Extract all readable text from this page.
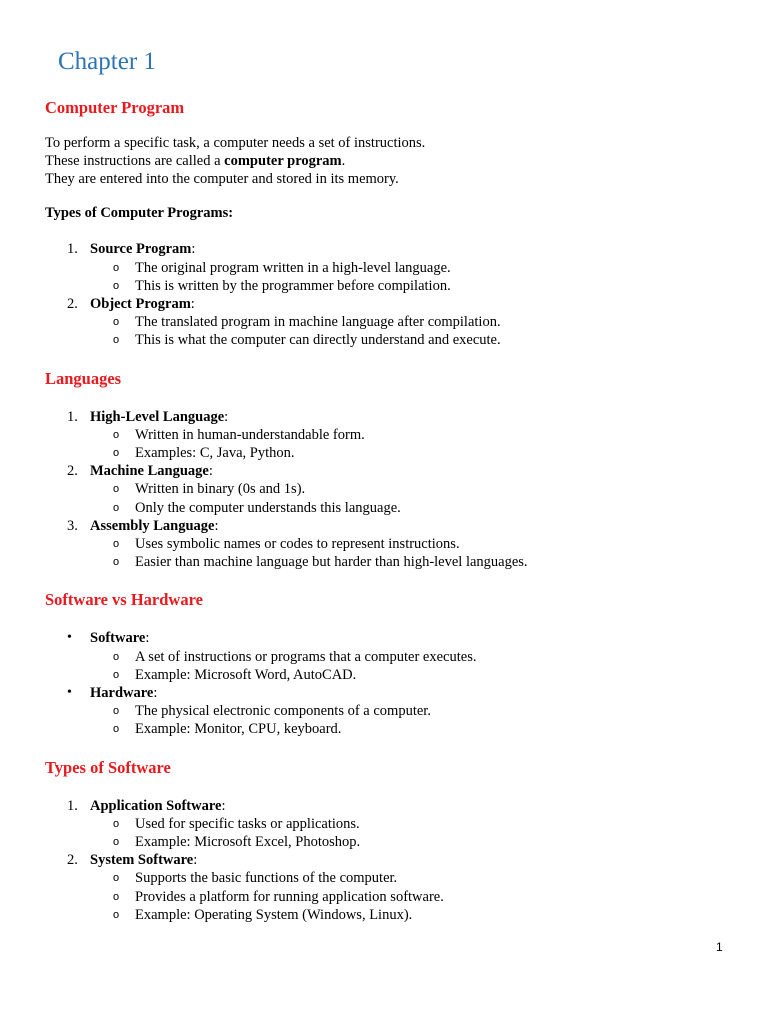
Chapter 1
Computer Program

To perform a specific task, a computer needs a set of instructions.

These instructions are called a computer program.

They are entered into the computer and stored in its memory.

Types of Computer Programs:

1. Source Program:
o The original program written in a high-level language.
o This is written by the programmer before compilation.
2. Object Program:
o The translated program in machine language after compilation.
o This is what the computer can directly understand and execute.
Languages
1. High-Level Language:
o Written in human-understandable form.
o Examples: C, Java, Python.
2. Machine Language:
o Written in binary (0s and 1s).
o Only the computer understands this language.
3. Assembly Language:
o Uses symbolic names or codes to represent instructions.
o Easier than machine language but harder than high-level languages.
Software vs Hardware
• Software:
o A set of instructions or programs that a computer executes.
o Example: Microsoft Word, AutoCAD.
• Hardware:
o The physical electronic components of a computer.
o Example: Monitor, CPU, keyboard.
Types of Software
1. Application Software:
o Used for specific tasks or applications.
o Example: Microsoft Excel, Photoshop.
2. System Software:
o Supports the basic functions of the computer.
o Provides a platform for running application software.
o Example: Operating System (Windows, Linux).
1
